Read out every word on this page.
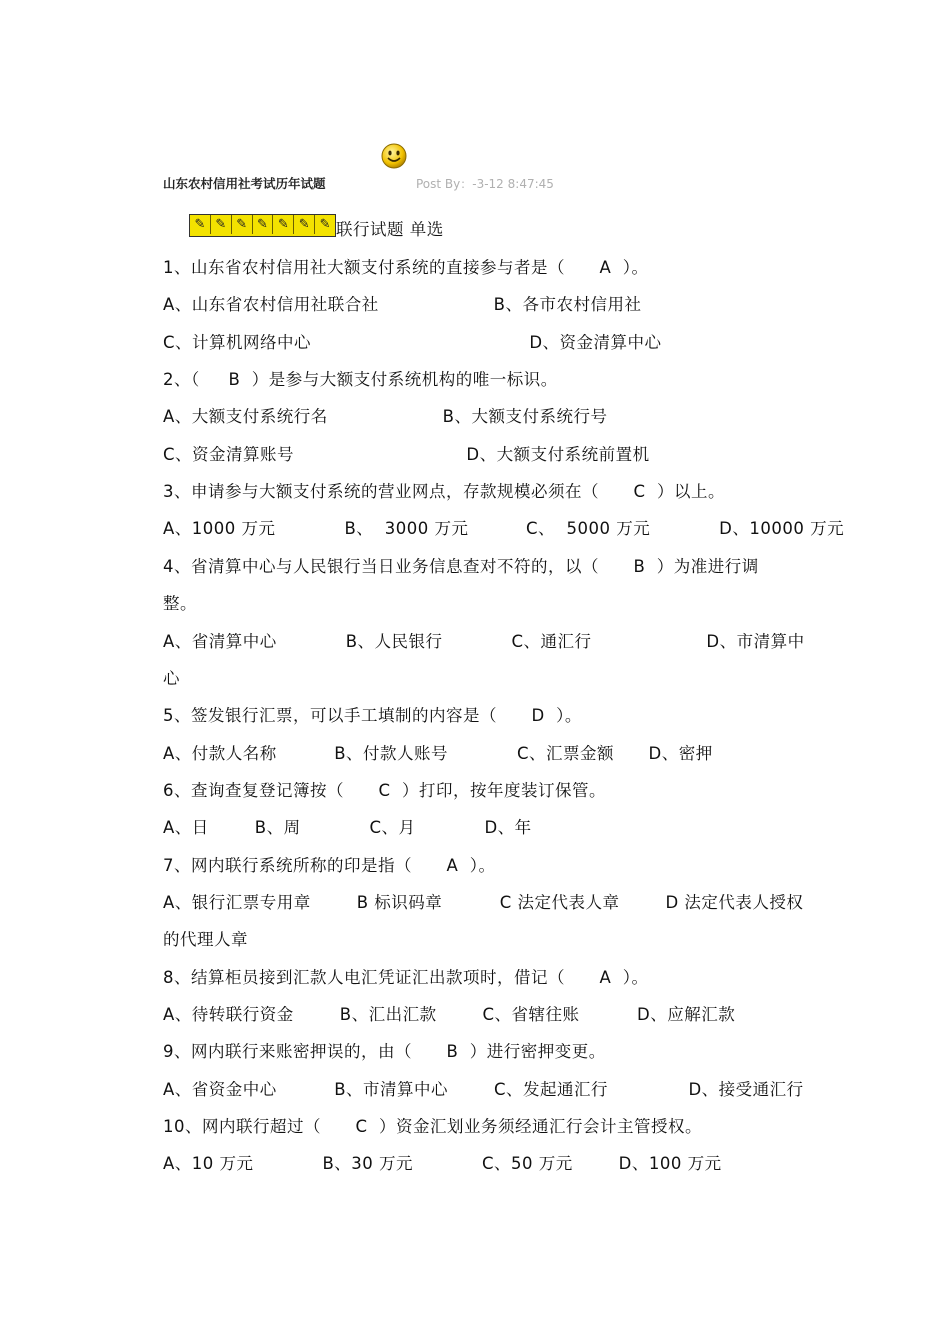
山东农村信用社考试历年试题	Post By：-3-12 8:47:45
✎ ✎ ✎ ✎ ✎ ✎ ✎ 联行试题 单选
1、山东省农村信用社大额支付系统的直接参与者是（      A  ）。
A、山东省农村信用社联合社                    B、各市农村信用社
C、计算机网络中心                                      D、资金清算中心
2、（     B  ）是参与大额支付系统机构的唯一标识。
A、大额支付系统行名                    B、大额支付系统行号
C、资金清算账号                              D、大额支付系统前置机
3、申请参与大额支付系统的营业网点，存款规模必须在（      C  ）以上。
A、1000 万元            B、  3000 万元          C、  5000 万元            D、10000 万元
4、省清算中心与人民银行当日业务信息查对不符的，以（      B  ）为准进行调
整。
A、省清算中心            B、人民银行            C、通汇行                    D、市清算中
心
5、签发银行汇票，可以手工填制的内容是（      D  ）。
A、付款人名称          B、付款人账号            C、汇票金额      D、密押
6、查询查复登记簿按（      C  ）打印，按年度装订保管。
A、日        B、周            C、月            D、年
7、网内联行系统所称的印是指（      A  ）。
A、银行汇票专用章        B 标识码章          C 法定代表人章        D 法定代表人授权
的代理人章
8、结算柜员接到汇款人电汇凭证汇出款项时，借记（      A  ）。
A、待转联行资金        B、汇出汇款        C、省辖往账          D、应解汇款
9、网内联行来账密押误的，由（      B  ）进行密押变更。
A、省资金中心          B、市清算中心        C、发起通汇行              D、接受通汇行
10、网内联行超过（      C  ）资金汇划业务须经通汇行会计主管授权。
A、10 万元            B、30 万元            C、50 万元        D、100 万元
